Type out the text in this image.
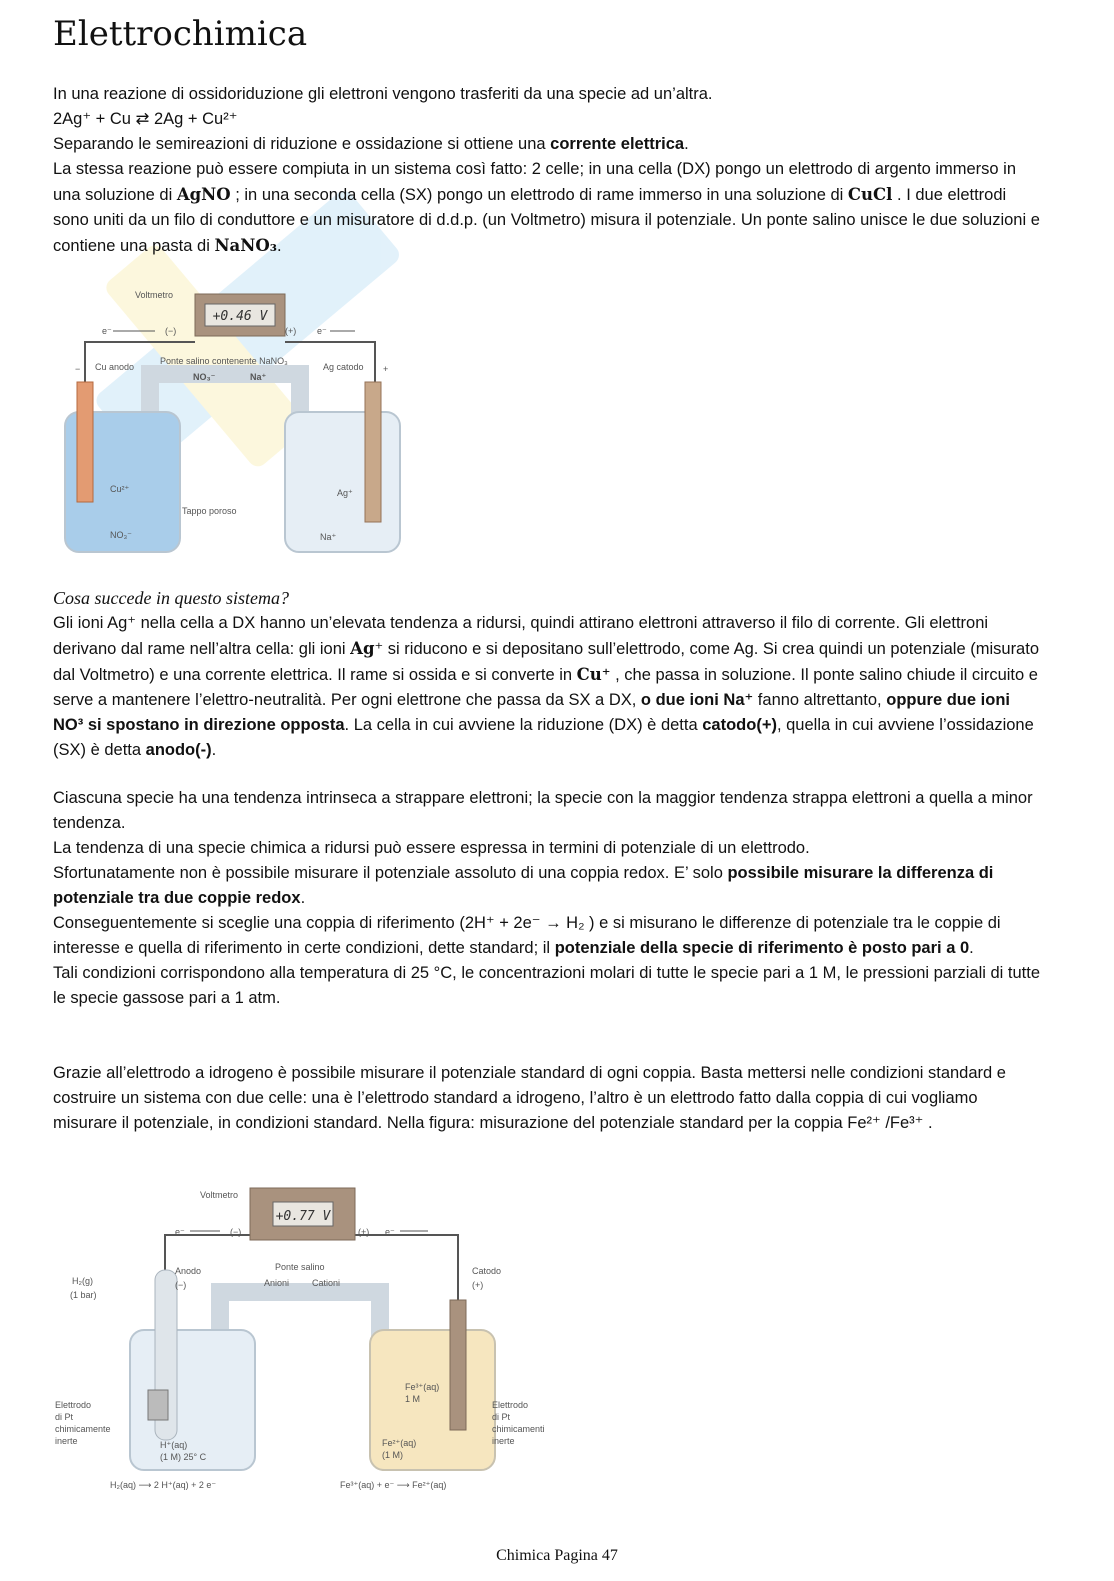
Elettrochimica

In una reazione di ossidoriduzione gli elettroni vengono trasferiti da una specie ad un’altra.
2Ag⁺ + Cu ⇄ 2Ag + Cu²⁺
Separando le semireazioni di riduzione e ossidazione si ottiene una corrente elettrica.
La stessa reazione può essere compiuta in un sistema così fatto: 2 celle; in una cella (DX) pongo un elettrodo di argento immerso in una soluzione di AgNO ; in una seconda cella (SX) pongo un elettrodo di rame immerso in una soluzione di CuCl . I due elettrodi sono uniti da un filo di conduttore e un misuratore di d.d.p. (un Voltmetro) misura il potenziale. Un ponte salino unisce le due soluzioni e contiene una pasta di NaNO₃.

+0.46 V
Voltmetro
e⁻	(−)	(+) e⁻
Ponte salino contenente NaNO₃
NO₃⁻	Na⁺
Cu anodo
−
Cu²⁺
NO₃⁻
Tappo poroso
Ag catodo +
Ag⁺
Na⁺

Cosa succede in questo sistema?

Gli ioni Ag⁺ nella cella a DX hanno un’elevata tendenza a ridursi, quindi attirano elettroni attraverso il filo di corrente. Gli elettroni derivano dal rame nell’altra cella: gli ioni Ag⁺ si riducono e si depositano sull’elettrodo, come Ag. Si crea quindi un potenziale (misurato dal Voltmetro) e una corrente elettrica. Il rame si ossida e si converte in Cu⁺ , che passa in soluzione. Il ponte salino chiude il circuito e serve a mantenere l’elettro-neutralità. Per ogni elettrone che passa da SX a DX, o due ioni Na⁺ fanno altrettanto, oppure due ioni NO³ si spostano in direzione opposta. La cella in cui avviene la riduzione (DX) è detta catodo(+), quella in cui avviene l’ossidazione (SX) è detta anodo(-).

Ciascuna specie ha una tendenza intrinseca a strappare elettroni; la specie con la maggior tendenza strappa elettroni a quella a minor tendenza.
La tendenza di una specie chimica a ridursi può essere espressa in termini di potenziale di un elettrodo.
Sfortunatamente non è possibile misurare il potenziale assoluto di una coppia redox. E’ solo possibile misurare la differenza di potenziale tra due coppie redox.
Conseguentemente si sceglie una coppia di riferimento (2H⁺ + 2e⁻ → H₂ ) e si misurano le differenze di potenziale tra le coppie di interesse e quella di riferimento in certe condizioni, dette standard; il potenziale della specie di riferimento è posto pari a 0.
Tali condizioni corrispondono alla temperatura di 25 °C, le concentrazioni molari di tutte le specie pari a 1 M, le pressioni parziali di tutte le specie gassose pari a 1 atm.

Grazie all’elettrodo a idrogeno è possibile misurare il potenziale standard di ogni coppia. Basta mettersi nelle condizioni standard e costruire un sistema con due celle: una è l’elettrodo standard a idrogeno, l’altro è un elettrodo fatto dalla coppia di cui vogliamo misurare il potenziale, in condizioni standard. Nella figura: misurazione del potenziale standard per la coppia Fe²⁺ /Fe³⁺ .

+0.77 V
Voltmetro
e⁻	(−)	(+) e⁻
Ponte salino
Anioni	Cationi
Anodo
(−)
H₂(g)
(1 bar)
Elettrodo
di Pt
chimicamente
inerte	H⁺(aq)
(1 M) 25° C
H₂(aq) ⟶ 2 H⁺(aq) + 2 e⁻
Catodo
(+)
Fe³⁺(aq)
1 M
Fe²⁺(aq)
(1 M)
Elettrodo
di Pt
chimicamenti
inerte
Fe³⁺(aq) + e⁻ ⟶ Fe²⁺(aq)
Chimica Pagina 47
